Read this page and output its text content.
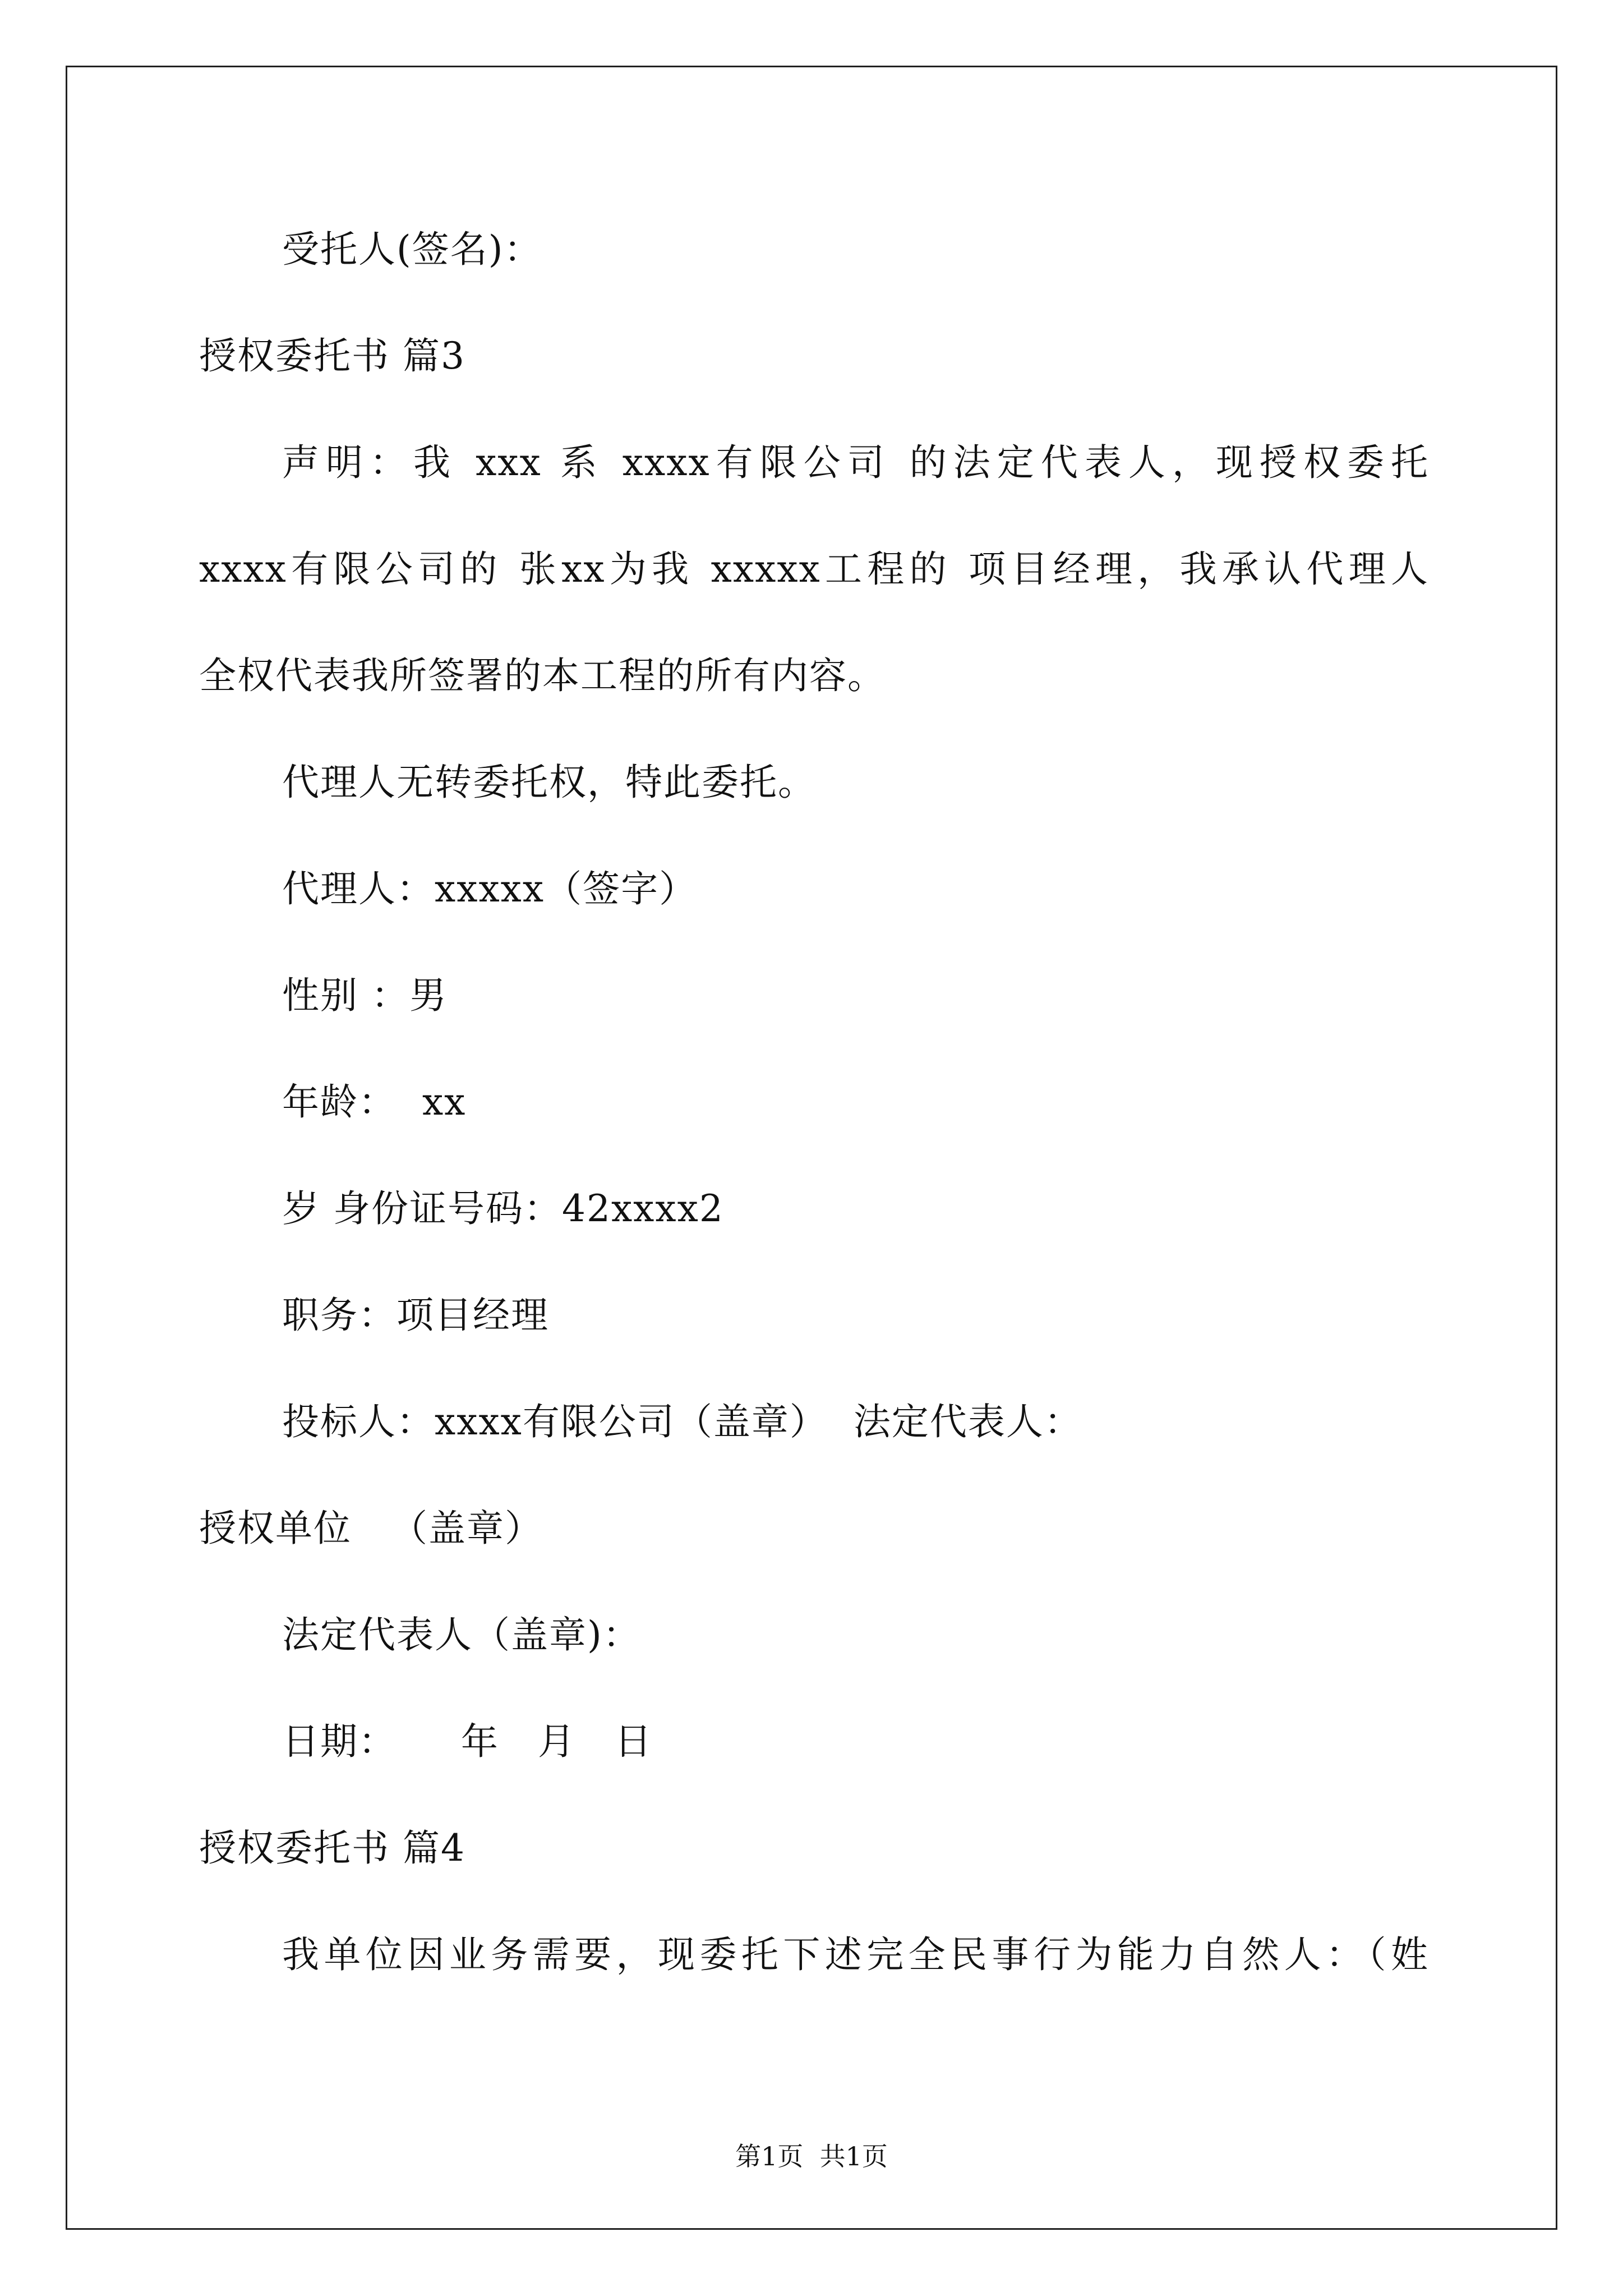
受托人(签名)：
授权委托书 篇3
声明：我 xxx 系 xxxx有限公司 的法定代表人，现授权委托
xxxx有限公司的 张xx为我 xxxxx工程的 项目经理，我承认代理人
全权代表我所签署的本工程的所有内容。
代理人无转委托权，特此委托。
代理人：xxxxx（签字）
性别 ：男
年龄：  xx
岁 身份证号码：42xxxx2
职务：项目经理
投标人：xxxx有限公司（盖章）  法定代表人：
授权单位   （盖章）
法定代表人（盖章)：
日期：     年   月   日
授权委托书 篇4
我单位因业务需要，现委托下述完全民事行为能力自然人：（姓
第1页  共1页
